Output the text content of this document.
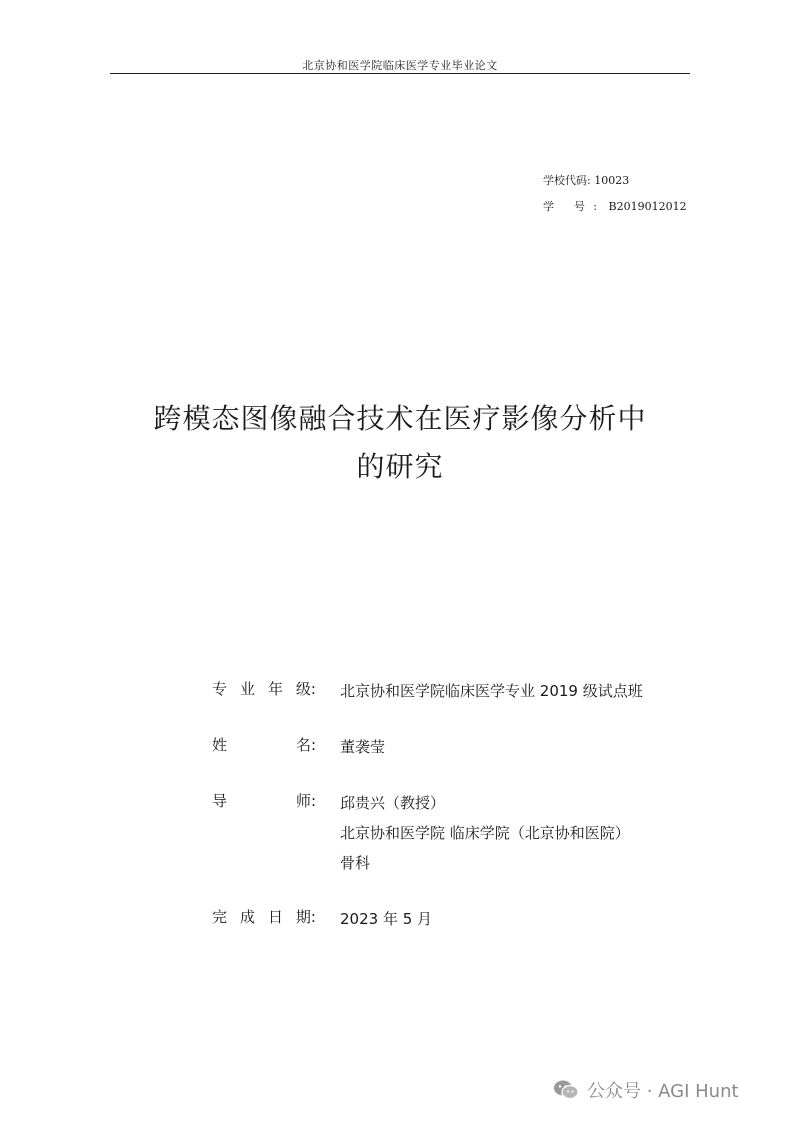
北京协和医学院临床医学专业毕业论文
学校代码: 10023
学 号: B2019012012
跨模态图像融合技术在医疗影像分析中
的研究
专 业 年 级: 北京协和医学院临床医学专业 2019 级试点班
姓	名: 董袭莹
导	师: 邱贵兴（教授）
北京协和医学院 临床学院（北京协和医院）
骨科
完 成 日 期: 2023 年 5 月
公众号 · AGI Hunt
